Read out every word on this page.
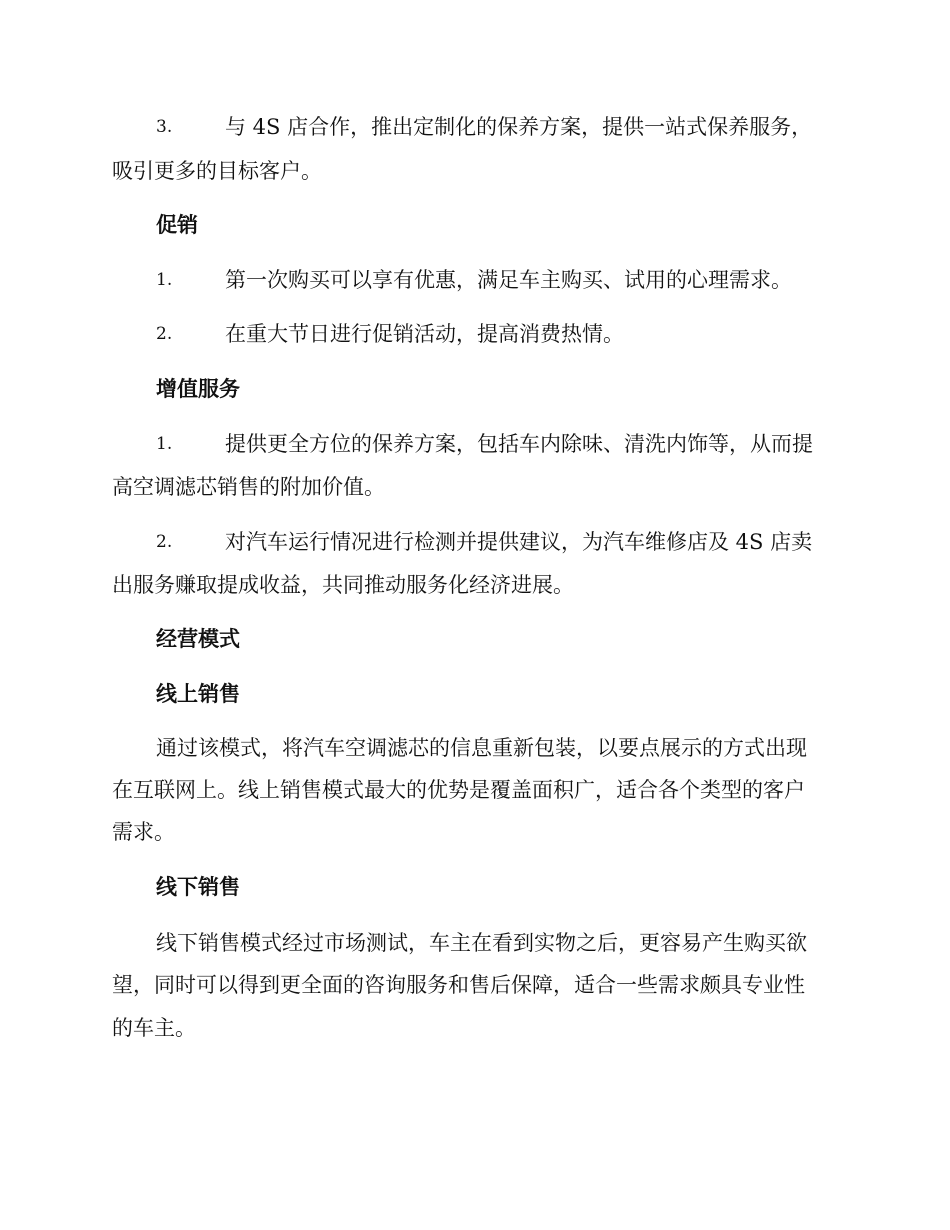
3.	与 4S 店合作，推出定制化的保养方案，提供一站式保养服务，
吸引更多的目标客户。
促销
1.	第一次购买可以享有优惠，满足车主购买、试用的心理需求。
2.	在重大节日进行促销活动，提高消费热情。
增值服务
1.	提供更全方位的保养方案，包括车内除味、清洗内饰等，从而提
高空调滤芯销售的附加价值。
2.	对汽车运行情况进行检测并提供建议，为汽车维修店及 4S 店卖
出服务赚取提成收益，共同推动服务化经济进展。
经营模式
线上销售
通过该模式，将汽车空调滤芯的信息重新包装，以要点展示的方式出现
在互联网上。线上销售模式最大的优势是覆盖面积广，适合各个类型的客户
需求。
线下销售
线下销售模式经过市场测试，车主在看到实物之后，更容易产生购买欲
望，同时可以得到更全面的咨询服务和售后保障，适合一些需求颇具专业性
的车主。
